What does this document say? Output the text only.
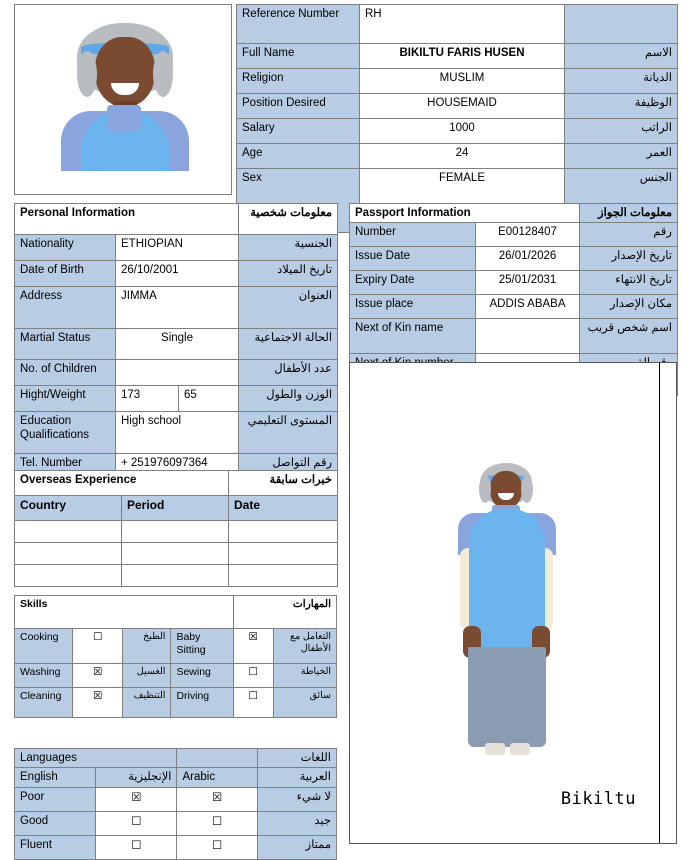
Reference Number	RH	
Full Name	BIKILTU FARIS HUSEN	الاسم
Religion	MUSLIM	الديانة
Position Desired	HOUSEMAID	الوظيفة
Salary	1000	الراتب
Age	24	العمر
Sex	FEMALE	الجنس
Personal Information			معلومات شخصية
Nationality	ETHIOPIAN		الجنسية
Date of Birth	26/10/2001		تاريخ الميلاد
Address	JIMMA		العنوان
Martial Status	Single		الحالة الاجتماعية
No. of Children			عدد الأطفال
Hight/Weight	173	65	الوزن والطول
Education Qualifications	High school		المستوى التعليمي
Tel. Number	+ 251976097364		رقم التواصل
Passport Information		معلومات الجواز
Number	E00128407	رقم
Issue Date	26/01/2026	تاريخ الإصدار
Expiry Date	25/01/2031	تاريخ الانتهاء
Issue place	ADDIS ABABA	مكان الإصدار
Next of Kin name		اسم شخص قريب

Bikiltu
Overseas Experience		خبرات سابقة
Country	Period	Date

Skills				المهارات	
Cooking	☐	الطبخ	Baby Sitting	☒	التعامل مع الأطفال
Washing	☒	الغسيل	Sewing	☐	الخياطة
Cleaning	☒	التنظيف	Driving	☐	سائق
Languages			اللغات
English	الإنجليزية	Arabic	العربية
Poor	☒	☒	لا شيء
Good	☐	☐	جيد
Fluent	☐	☐	ممتاز
